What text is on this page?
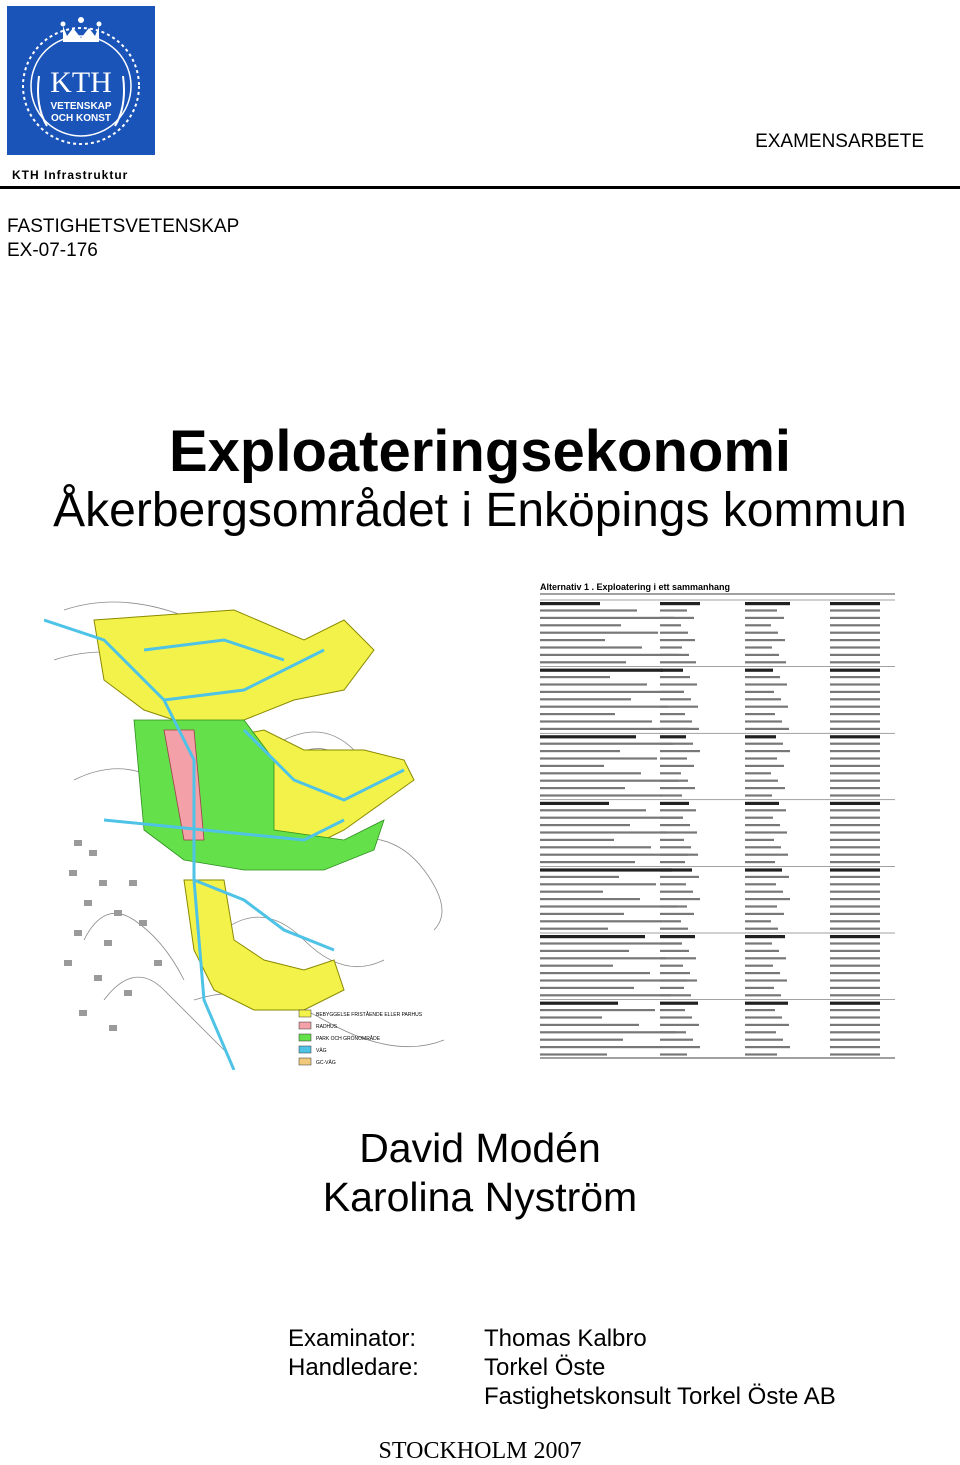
KTH
VETENSKAP
OCH KONST
KTH Infrastruktur
EXAMENSARBETE
FASTIGHETSVETENSKAP
EX-07-176
Exploateringsekonomi
Åkerbergsområdet i Enköpings kommun
BEBYGGELSE FRISTÅENDE ELLER PARHUS
RADHUS
PARK OCH GRÖNOMRÅDE
VÄG
GC-VÄG
Alternativ 1 . Exploatering i ett sammanhang
David Modén
Karolina Nyström
Examinator:	Thomas Kalbro
Handledare:	Torkel Öste
Fastighetskonsult Torkel Öste AB
STOCKHOLM 2007
